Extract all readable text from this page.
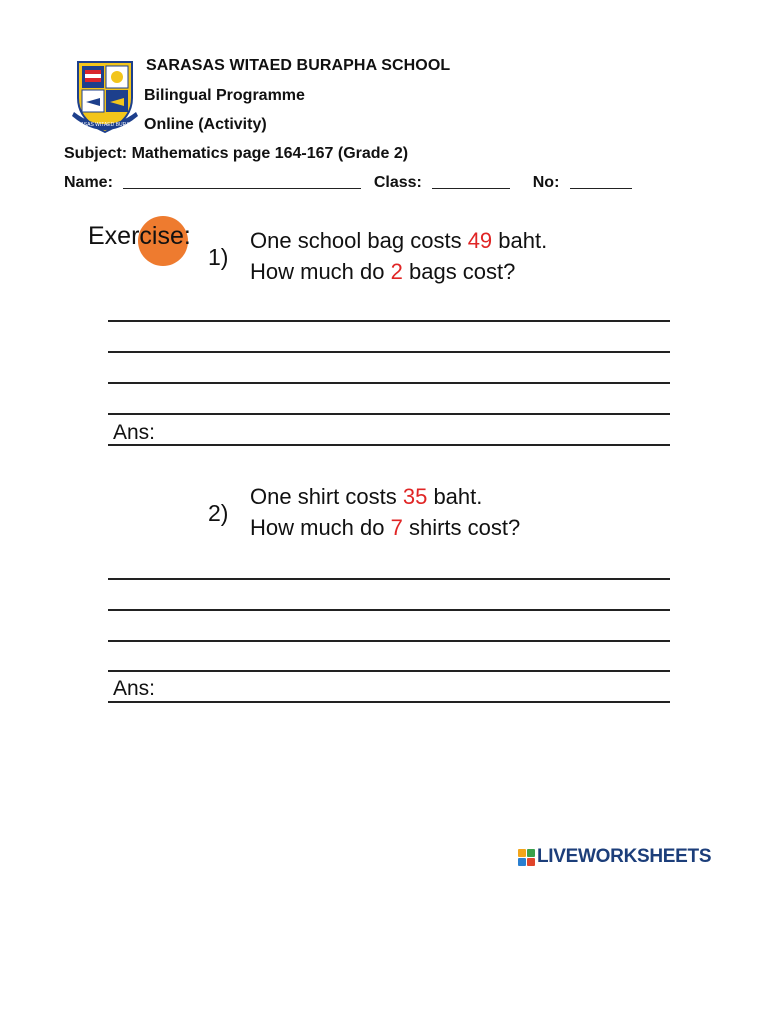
SARASAS WITAED BURAPHA
SARASAS WITAED BURAPHA SCHOOL
Bilingual Programme
Online (Activity)
Subject: Mathematics page 164-167 (Grade 2)
Name:	Class:	No:
Exercise:
1)
One school bag costs 49 baht.
How much do 2 bags cost?
Ans:
2)
One shirt costs 35 baht.
How much do 7 shirts cost?
Ans:
LIVEWORKSHEETS
